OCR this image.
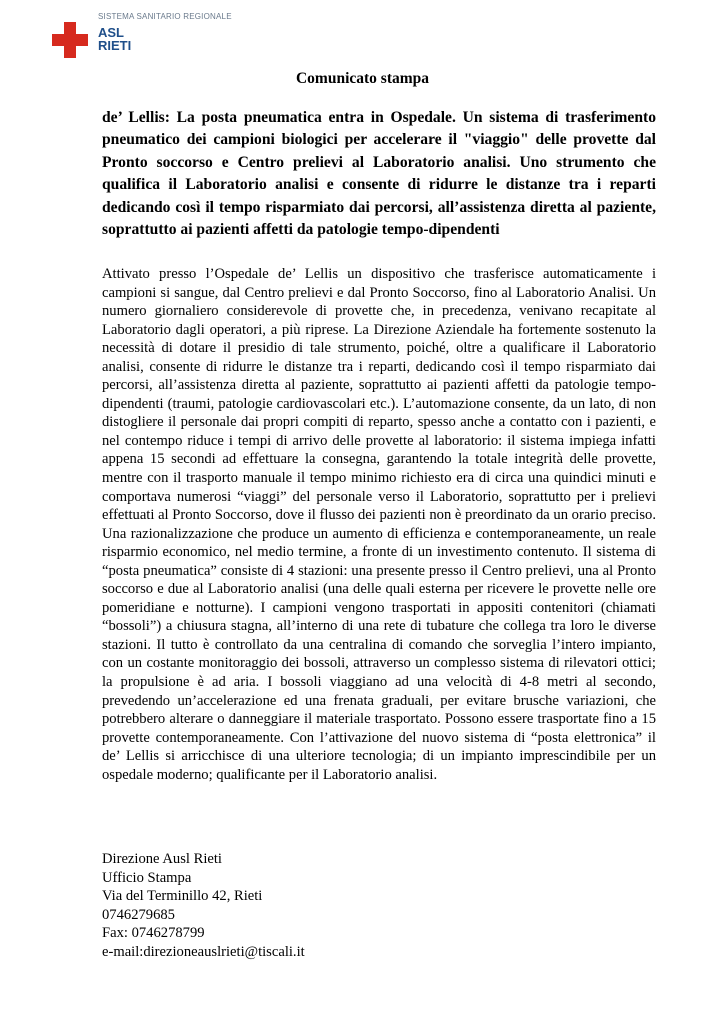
SISTEMA SANITARIO REGIONALE
ASL
RIETI
Comunicato stampa
de’ Lellis: La posta pneumatica entra in Ospedale. Un sistema di trasferimento pneumatico dei campioni biologici per accelerare il "viaggio" delle provette dal Pronto soccorso e Centro prelievi al Laboratorio analisi. Uno strumento che qualifica il Laboratorio analisi e consente di ridurre le distanze tra i reparti dedicando così il tempo risparmiato dai percorsi, all’assistenza diretta al paziente, soprattutto ai pazienti affetti da patologie tempo-dipendenti
Attivato presso l’Ospedale de’ Lellis un dispositivo che trasferisce automaticamente i campioni si sangue, dal Centro prelievi e dal Pronto Soccorso, fino al Laboratorio Analisi. Un numero giornaliero considerevole di provette che, in precedenza, venivano recapitate al Laboratorio dagli operatori, a più riprese. La Direzione Aziendale ha fortemente sostenuto la necessità di dotare il presidio di tale strumento, poiché, oltre a qualificare il Laboratorio analisi, consente di ridurre le distanze tra i reparti, dedicando così il tempo risparmiato dai percorsi, all’assistenza diretta al paziente, soprattutto ai pazienti affetti da patologie tempo-dipendenti (traumi, patologie cardiovascolari etc.). L’automazione consente, da un lato, di non distogliere il personale dai propri compiti di reparto, spesso anche a contatto con i pazienti, e nel contempo riduce i tempi di arrivo delle provette al laboratorio: il sistema impiega infatti appena 15 secondi ad effettuare la consegna, garantendo la totale integrità delle provette, mentre con il trasporto manuale il tempo minimo richiesto era di circa una quindici minuti e comportava numerosi “viaggi” del personale verso il Laboratorio, soprattutto per i prelievi effettuati al Pronto Soccorso, dove il flusso dei pazienti non è preordinato da un orario preciso. Una razionalizzazione che produce un aumento di efficienza e contemporaneamente, un reale risparmio economico, nel medio termine, a fronte di un investimento contenuto. Il sistema di “posta pneumatica” consiste di 4 stazioni: una presente presso il Centro prelievi, una al Pronto soccorso e due al Laboratorio analisi (una delle quali esterna per ricevere le provette nelle ore pomeridiane e notturne). I campioni vengono trasportati in appositi contenitori (chiamati “bossoli”) a chiusura stagna, all’interno di una rete di tubature che collega tra loro le diverse stazioni. Il tutto è controllato da una centralina di comando che sorveglia l’intero impianto, con un costante monitoraggio dei bossoli, attraverso un complesso sistema di rilevatori ottici; la propulsione è ad aria. I bossoli viaggiano ad una velocità di 4-8 metri al secondo, prevedendo un’accelerazione ed una frenata graduali, per evitare brusche variazioni, che potrebbero alterare o danneggiare il materiale trasportato. Possono essere trasportate fino a 15 provette contemporaneamente. Con l’attivazione del nuovo sistema di “posta elettronica” il de’ Lellis si arricchisce di una ulteriore tecnologia; di un impianto imprescindibile per un ospedale moderno; qualificante per il Laboratorio analisi.
Direzione Ausl Rieti
Ufficio Stampa
Via del Terminillo 42, Rieti
0746279685
Fax: 0746278799
e-mail:direzioneauslrieti@tiscali.it
